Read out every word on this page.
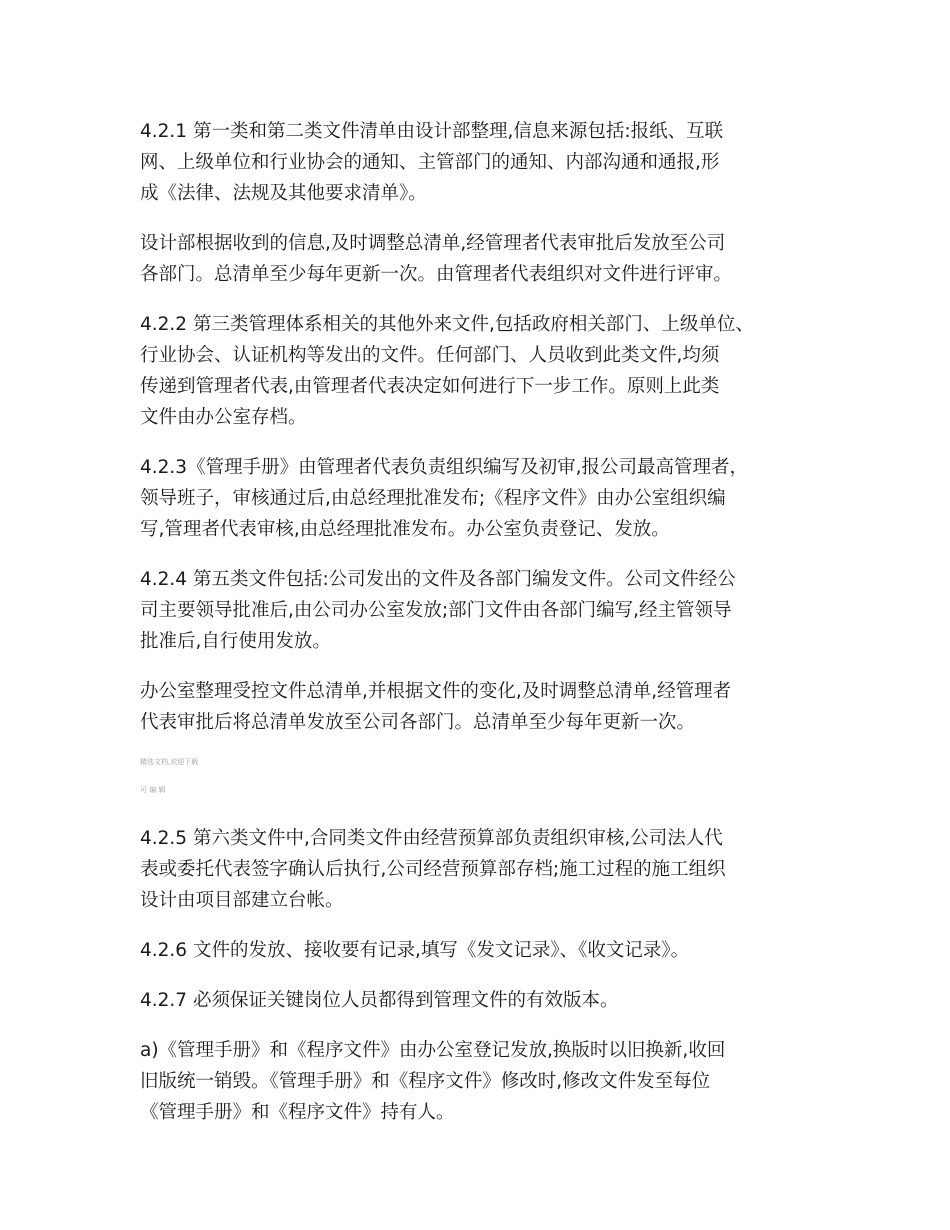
4.2.1 第一类和第二类文件清单由设计部整理,信息来源包括:报纸、互联
网、上级单位和行业协会的通知、主管部门的通知、内部沟通和通报,形
成《法律、法规及其他要求清单》。

设计部根据收到的信息,及时调整总清单,经管理者代表审批后发放至公司
各部门。总清单至少每年更新一次。由管理者代表组织对文件进行评审。

4.2.2 第三类管理体系相关的其他外来文件,包括政府相关部门、上级单位、
行业协会、认证机构等发出的文件。任何部门、人员收到此类文件,均须
传递到管理者代表,由管理者代表决定如何进行下一步工作。原则上此类
文件由办公室存档。

4.2.3《管理手册》由管理者代表负责组织编写及初审,报公司最高管理者，
领导班子，审核通过后,由总经理批准发布;《程序文件》由办公室组织编
写,管理者代表审核,由总经理批准发布。办公室负责登记、发放。

4.2.4 第五类文件包括:公司发出的文件及各部门编发文件。公司文件经公
司主要领导批准后,由公司办公室发放;部门文件由各部门编写,经主管领导
批准后,自行使用发放。

办公室整理受控文件总清单,并根据文件的变化,及时调整总清单,经管理者
代表审批后将总清单发放至公司各部门。总清单至少每年更新一次。

精选文档,欢迎下载

可 编 辑

4.2.5 第六类文件中,合同类文件由经营预算部负责组织审核,公司法人代
表或委托代表签字确认后执行,公司经营预算部存档;施工过程的施工组织
设计由项目部建立台帐。

4.2.6 文件的发放、接收要有记录,填写《发文记录》、《收文记录》。

4.2.7 必须保证关键岗位人员都得到管理文件的有效版本。

a)《管理手册》和《程序文件》由办公室登记发放,换版时以旧换新,收回
旧版统一销毁。《管理手册》和《程序文件》修改时,修改文件发至每位
《管理手册》和《程序文件》持有人。
